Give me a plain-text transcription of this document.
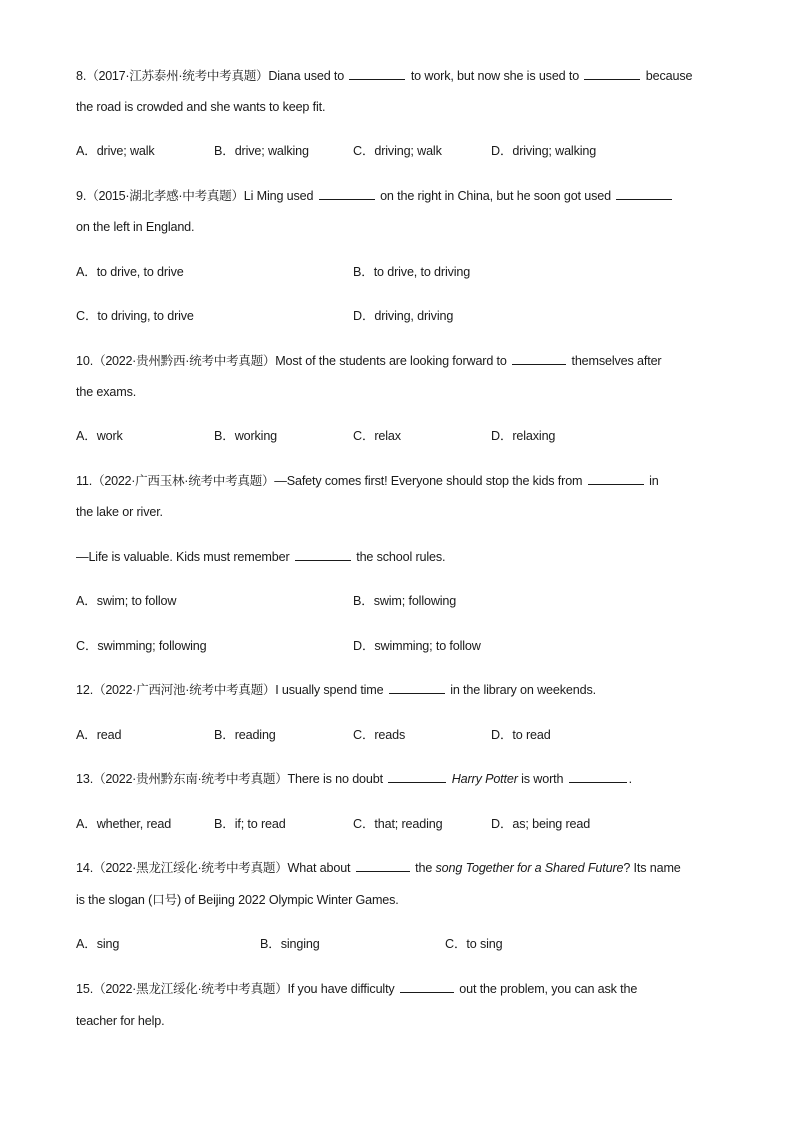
8.（2017·江苏泰州·统考中考真题）Diana used to	to work, but now she is used to	because
the road is crowded and she wants to keep fit.
A．drive; walk	B．drive; walking	C．driving; walk	D．driving; walking
9.（2015·湖北孝感·中考真题）Li Ming used	on the right in China, but he soon got used
on the left in England.
A．to drive, to drive	B．to drive, to driving
C．to driving, to drive	D．driving, driving
10.（2022·贵州黔西·统考中考真题）Most of the students are looking forward to	themselves after
the exams.
A．work	B．working	C．relax	D．relaxing
11.（2022·广西玉林·统考中考真题）—Safety comes first! Everyone should stop the kids from	in
the lake or river.
—Life is valuable. Kids must remember	the school rules.
A．swim; to follow	B．swim; following
C．swimming; following	D．swimming; to follow
12.（2022·广西河池·统考中考真题）I usually spend time	in the library on weekends.
A．read	B．reading	C．reads	D．to read
13.（2022·贵州黔东南·统考中考真题）There is no doubt	Harry Potter is worth	.
A．whether, read	B．if; to read	C．that; reading	D．as; being read
14.（2022·黑龙江绥化·统考中考真题）What about	the song Together for a Shared Future? Its name
is the slogan (口号) of Beijing 2022 Olympic Winter Games.
A．sing	B．singing	C．to sing
15.（2022·黑龙江绥化·统考中考真题）If you have difficulty	out the problem, you can ask the
teacher for help.
